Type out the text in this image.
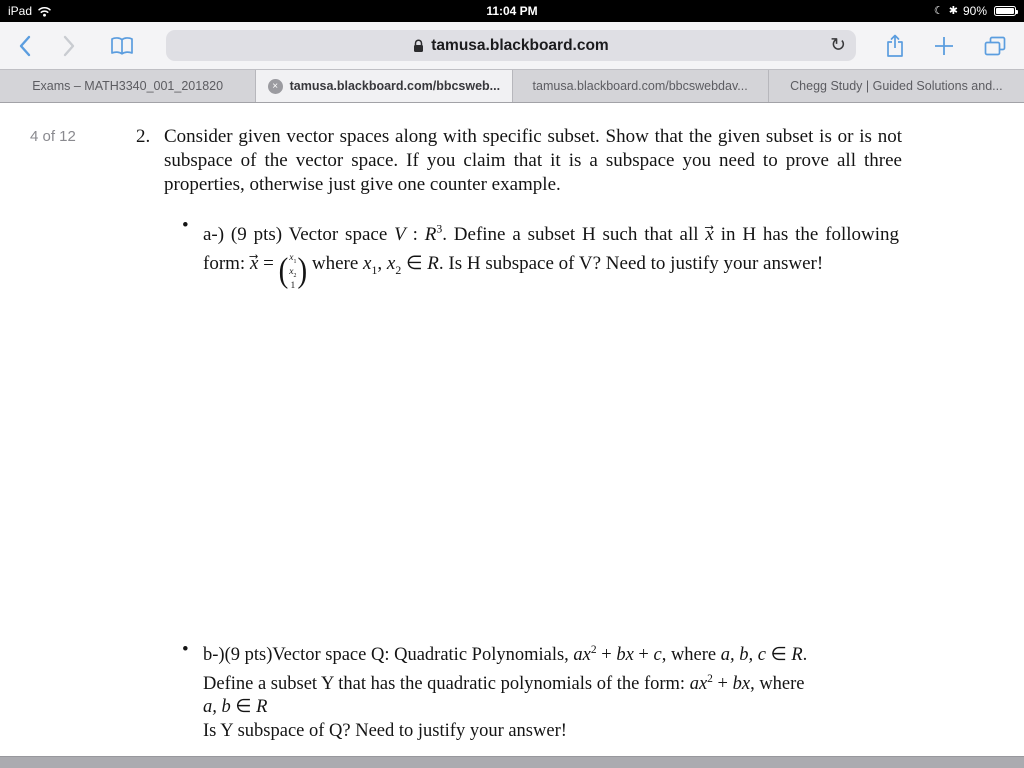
iPad	11:04 PM	☾ ✱ 90%
tamusa.blackboard.com	↻
Exams – MATH3340_001_201820	× tamusa.blackboard.com/bbcsweb...	tamusa.blackboard.com/bbcswebdav...	Chegg Study | Guided Solutions and...
4 of 12	2. Consider given vector spaces along with specific subset. Show that the given subset is or is not subspace of the vector space. If you claim that it is a subspace you need to prove all three properties, otherwise just give one counter example.
• a-) (9 pts) Vector space V : $R^3$. Define a subset H such that all x⃗ in H has the following form: x⃗ = ( $x_1$
$x_2$
1 ) where $x_1$, $x_2$ ∈ R. Is H subspace of V? Need to justify your answer!
• b-)(9 pts)Vector space Q: Quadratic Polynomials, $ax^2$ + bx + c, where a, b, c ∈ R.
Define a subset Y that has the quadratic polynomials of the form: $ax^2$ + bx, where
a, b ∈ R
Is Y subspace of Q? Need to justify your answer!
